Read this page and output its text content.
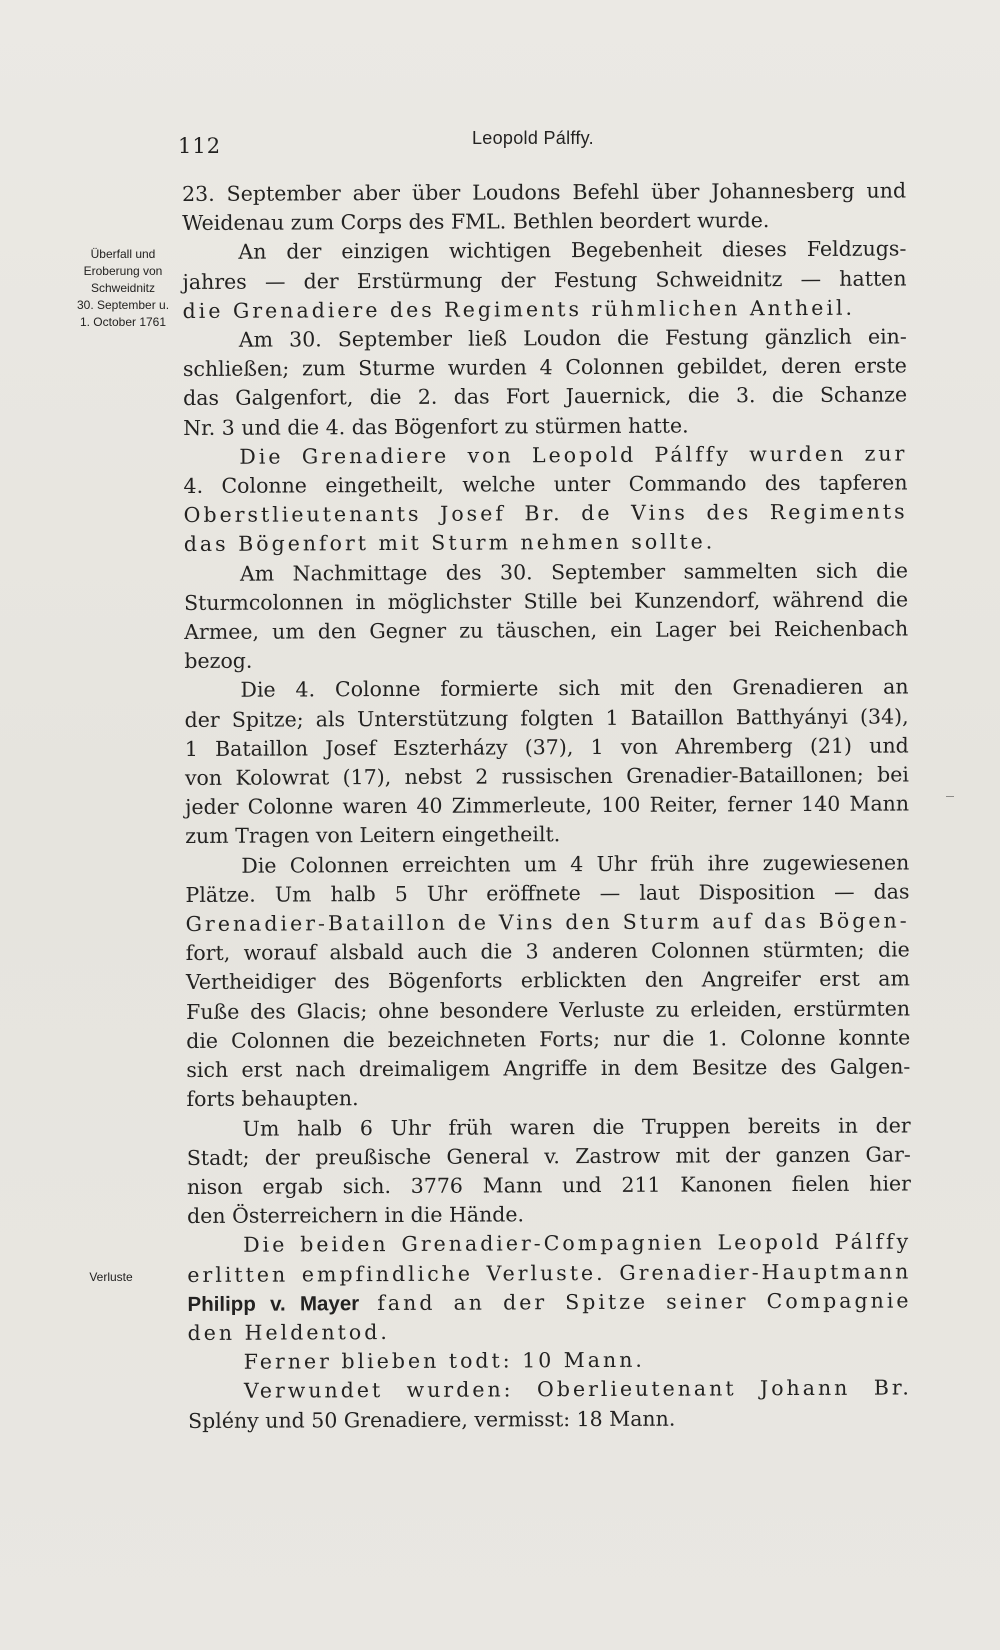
112	Leopold Pálffy.

Überfall und

Eroberung von

Schweidnitz

30. September u.

1. October 1761

Verluste
23. September aber über Loudons Befehl über Johannesberg und
Weidenau zum Corps des FML. Bethlen beordert wurde.
An der einzigen wichtigen Begebenheit dieses Feldzugs-
jahres — der Erstürmung der Festung Schweidnitz — hatten
die Grenadiere des Regiments rühmlichen Antheil.
Am 30. September ließ Loudon die Festung gänzlich ein-
schließen; zum Sturme wurden 4 Colonnen gebildet, deren erste
das Galgenfort, die 2. das Fort Jauernick, die 3. die Schanze
Nr. 3 und die 4. das Bögenfort zu stürmen hatte.
Die Grenadiere von Leopold Pálffy wurden zur
4. Colonne eingetheilt, welche unter Commando des tapferen
Oberstlieutenants Josef Br. de Vins des Regiments
das Bögenfort mit Sturm nehmen sollte.
Am Nachmittage des 30. September sammelten sich die
Sturmcolonnen in möglichster Stille bei Kunzendorf, während die
Armee, um den Gegner zu täuschen, ein Lager bei Reichenbach
bezog.
Die 4. Colonne formierte sich mit den Grenadieren an
der Spitze; als Unterstützung folgten 1 Bataillon Batthyányi (34),
1 Bataillon Josef Eszterházy (37), 1 von Ahremberg (21) und
von Kolowrat (17), nebst 2 russischen Grenadier-Bataillonen; bei
jeder Colonne waren 40 Zimmerleute, 100 Reiter, ferner 140 Mann
zum Tragen von Leitern eingetheilt.
Die Colonnen erreichten um 4 Uhr früh ihre zugewiesenen
Plätze. Um halb 5 Uhr eröffnete — laut Disposition — das
Grenadier-Bataillon de Vins den Sturm auf das Bögen-
fort, worauf alsbald auch die 3 anderen Colonnen stürmten; die
Vertheidiger des Bögenforts erblickten den Angreifer erst am
Fuße des Glacis; ohne besondere Verluste zu erleiden, erstürmten
die Colonnen die bezeichneten Forts; nur die 1. Colonne konnte
sich erst nach dreimaligem Angriffe in dem Besitze des Galgen-
forts behaupten.
Um halb 6 Uhr früh waren die Truppen bereits in der
Stadt; der preußische General v. Zastrow mit der ganzen Gar-
nison ergab sich. 3776 Mann und 211 Kanonen fielen hier
den Österreichern in die Hände.
Die beiden Grenadier-Compagnien Leopold Pálffy
erlitten empfindliche Verluste. Grenadier-Hauptmann
Philipp v. Mayer fand an der Spitze seiner Compagnie
den Heldentod.
Ferner blieben todt: 10 Mann.
Verwundet wurden: Oberlieutenant Johann Br.
Splény und 50 Grenadiere, vermisst: 18 Mann.
